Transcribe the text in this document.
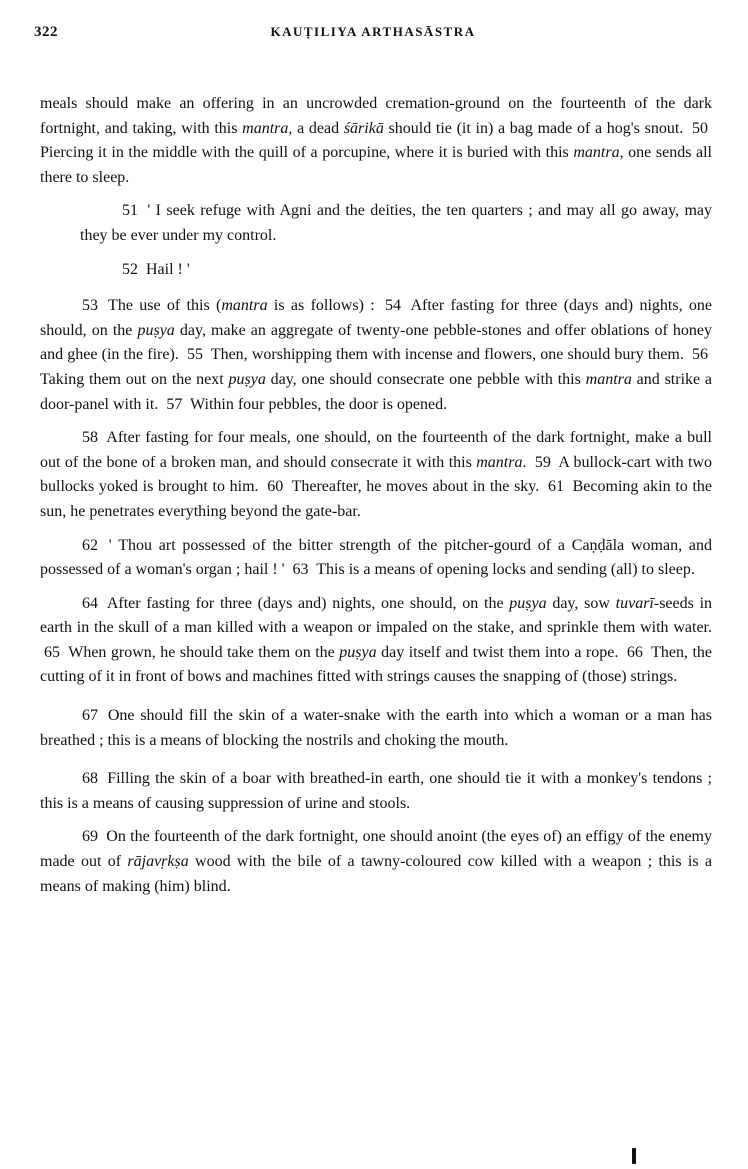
322	KAUṬILIYA ARTHASĀSTRA

meals should make an offering in an uncrowded cremation-ground on the fourteenth of the dark fortnight, and taking, with this mantra, a dead śārikā should tie (it in) a bag made of a hog's snout. 50 Piercing it in the middle with the quill of a porcupine, where it is buried with this mantra, one sends all there to sleep.

51 ' I seek refuge with Agni and the deities, the ten quarters ; and may all go away, may they be ever under my control.

52 Hail ! '

53 The use of this (mantra is as follows) : 54 After fasting for three (days and) nights, one should, on the puṣya day, make an aggregate of twenty-one pebble-stones and offer oblations of honey and ghee (in the fire). 55 Then, worshipping them with incense and flowers, one should bury them. 56 Taking them out on the next puṣya day, one should consecrate one pebble with this mantra and strike a door-panel with it. 57 Within four pebbles, the door is opened.

58 After fasting for four meals, one should, on the fourteenth of the dark fortnight, make a bull out of the bone of a broken man, and should consecrate it with this mantra. 59 A bullock-cart with two bullocks yoked is brought to him. 60 Thereafter, he moves about in the sky. 61 Becoming akin to the sun, he penetrates everything beyond the gate-bar.

62 ' Thou art possessed of the bitter strength of the pitcher-gourd of a Caṇḍāla woman, and possessed of a woman's organ ; hail ! ' 63 This is a means of opening locks and sending (all) to sleep.

64 After fasting for three (days and) nights, one should, on the puṣya day, sow tuvarī-seeds in earth in the skull of a man killed with a weapon or impaled on the stake, and sprinkle them with water. 65 When grown, he should take them on the puṣya day itself and twist them into a rope. 66 Then, the cutting of it in front of bows and machines fitted with strings causes the snapping of (those) strings.

67 One should fill the skin of a water-snake with the earth into which a woman or a man has breathed ; this is a means of blocking the nostrils and choking the mouth.

68 Filling the skin of a boar with breathed-in earth, one should tie it with a monkey's tendons ; this is a means of causing suppression of urine and stools.

69 On the fourteenth of the dark fortnight, one should anoint (the eyes of) an effigy of the enemy made out of rājavṛkṣa wood with the bile of a tawny-coloured cow killed with a weapon ; this is a means of making (him) blind.
